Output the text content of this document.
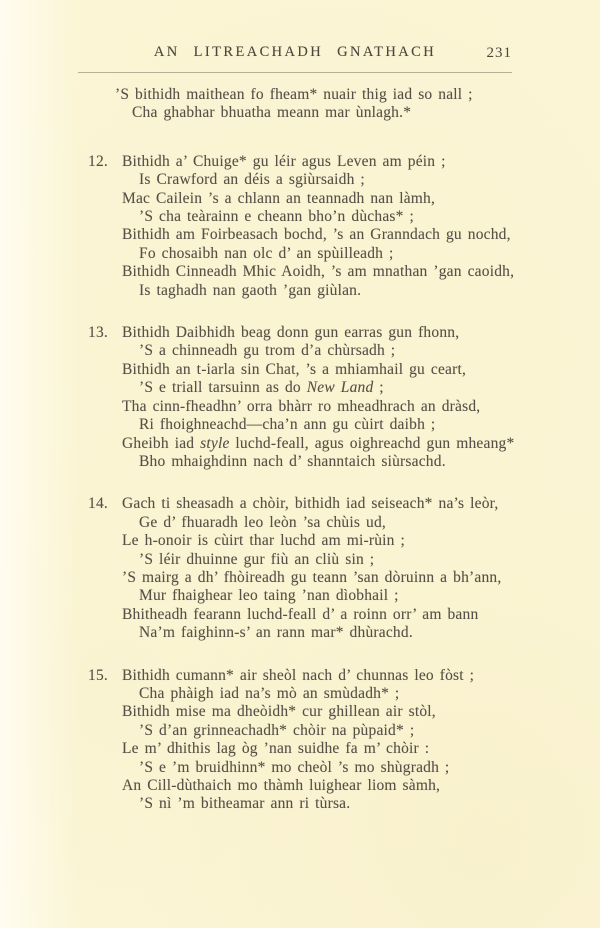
AN LITREACHADH GNATHACH	231
’S bithidh maithean fo fheam* nuair thig iad so nall ;
Cha ghabhar bhuatha meann mar ùnlagh.*
12. Bithidh a’ Chuige* gu léir agus Leven am péin ;
Is Crawford an déis a sgiùrsaidh ;
Mac Cailein ’s a chlann an teannadh nan làmh,
’S cha teàrainn e cheann bho’n dùchas* ;
Bithidh am Foirbeasach bochd, ’s an Granndach gu nochd,
Fo chosaibh nan olc d’ an spùilleadh ;
Bithidh Cinneadh Mhic Aoidh, ’s am mnathan ’gan caoidh,
Is taghadh nan gaoth ’gan giùlan.
13. Bithidh Daibhidh beag donn gun earras gun fhonn,
’S a chinneadh gu trom d’a chùrsadh ;
Bithidh an t-iarla sin Chat, ’s a mhiamhail gu ceart,
’S e triall tarsuinn as do New Land ;
Tha cinn-fheadhn’ orra bhàrr ro mheadhrach an dràsd,
Ri fhoighneachd—cha’n ann gu cùirt daibh ;
Gheibh iad style luchd-feall, agus oighreachd gun mheang*
Bho mhaighdinn nach d’ shanntaich siùrsachd.
14. Gach ti sheasadh a chòir, bithidh iad seiseach* na’s leòr,
Ge d’ fhuaradh leo leòn ’sa chùis ud,
Le h-onoir is cùirt thar luchd am mi-rùin ;
’S léir dhuinne gur fiù an cliù sin ;
’S mairg a dh’ fhòireadh gu teann ’san dòruinn a bh’ann,
Mur fhaighear leo taing ’nan dìobhail ;
Bhitheadh fearann luchd-feall d’ a roinn orr’ am bann
Na’m faighinn-s’ an rann mar* dhùrachd.
15. Bithidh cumann* air sheòl nach d’ chunnas leo fòst ;
Cha phàigh iad na’s mò an smùdadh* ;
Bithidh mise ma dheòidh* cur ghillean air stòl,
’S d’an grinneachadh* chòir na pùpaid* ;
Le m’ dhithis lag òg ’nan suidhe fa m’ chòir :
’S e ’m bruidhinn* mo cheòl ’s mo shùgradh ;
An Cill-dùthaich mo thàmh luighear liom sàmh,
’S nì ’m bitheamar ann ri tùrsa.
